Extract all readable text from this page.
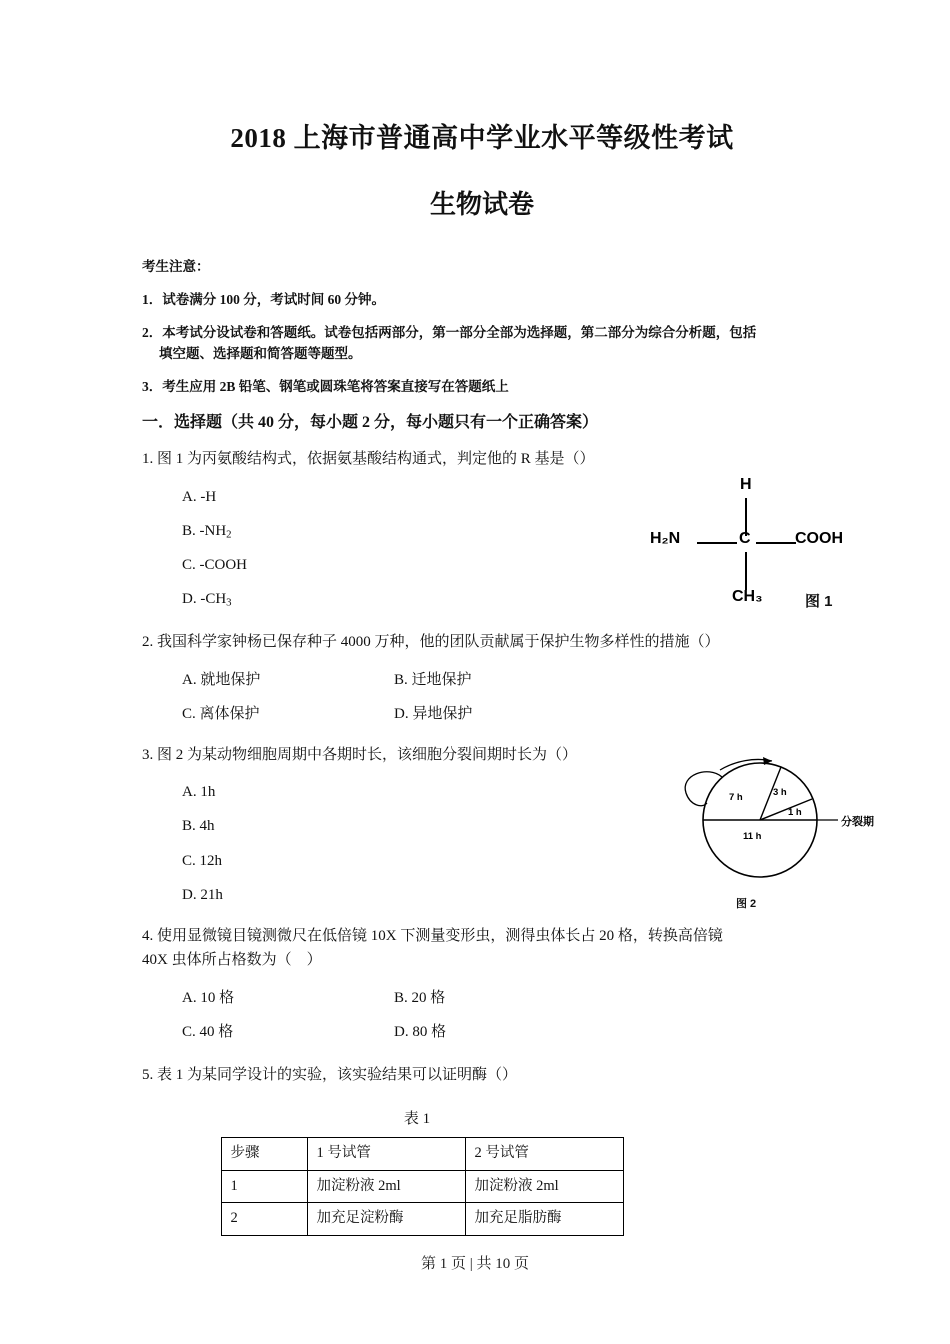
2018 上海市普通高中学业水平等级性考试
生物试卷
考生注意：
1．试卷满分 100 分，考试时间 60 分钟。
2．本考试分设试卷和答题纸。试卷包括两部分，第一部分全部为选择题，第二部分为综合分析题，包括
填空题、选择题和简答题等题型。
3．考生应用 2B 铅笔、钢笔或圆珠笔将答案直接写在答题纸上
一．选择题（共 40 分，每小题 2 分，每小题只有一个正确答案）
1. 图 1 为丙氨酸结构式，依据氨基酸结构通式，判定他的 R 基是（）
A. -H
B. $-NH_2$
C. -COOH
D. $-CH_3$
2. 我国科学家钟杨已保存种子 4000 万种，他的团队贡献属于保护生物多样性的措施（）
A. 就地保护	B. 迁地保护
C. 离体保护	D. 异地保护
3. 图 2 为某动物细胞周期中各期时长，该细胞分裂间期时长为（）
A. 1h
B. 4h
C. 12h
D. 21h
4. 使用显微镜目镜测微尺在低倍镜 10X 下测量变形虫，测得虫体长占 20 格，转换高倍镜
40X 虫体所占格数为（　）
A. 10 格	B. 20 格
C. 40 格	D. 80 格
5. 表 1 为某同学设计的实验，该实验结果可以证明酶（）
表 1
步骤	1 号试管	2 号试管
1	加淀粉液 2ml	加淀粉液 2ml
2	加充足淀粉酶	加充足脂肪酶
H
H₂N	C	COOH
CH₃	图 1
7 h	3 h
1 h
11 h
分裂期
图 2
第 1 页 | 共 10 页
